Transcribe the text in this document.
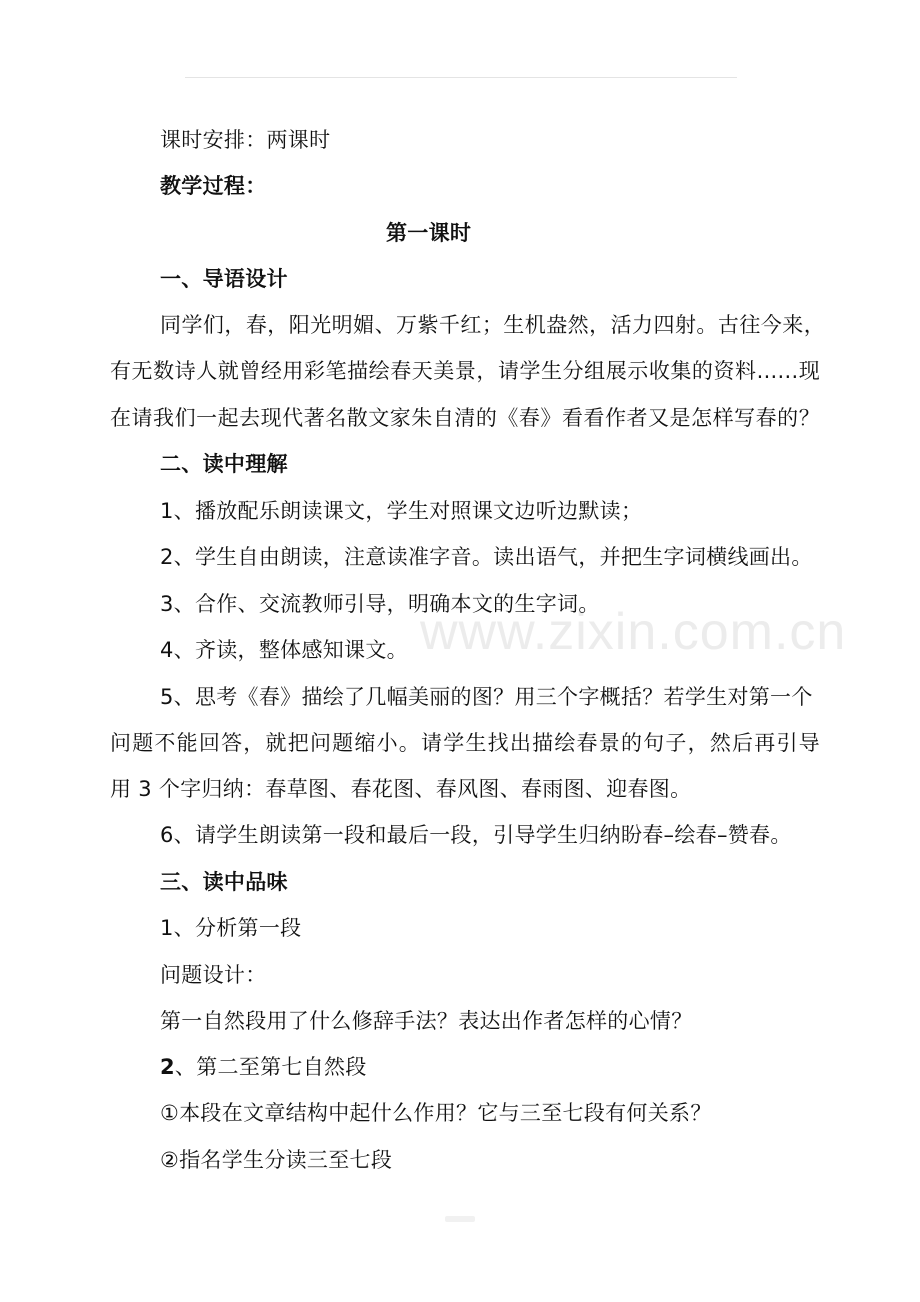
www.zixin.com.cn
课时安排：两课时
教学过程：
第一课时
一、导语设计
同学们，春，阳光明媚、万紫千红；生机盎然，活力四射。古往今来，
有无数诗人就曾经用彩笔描绘春天美景，请学生分组展示收集的资料......现
在请我们一起去现代著名散文家朱自清的《春》看看作者又是怎样写春的？
二、读中理解
1、播放配乐朗读课文，学生对照课文边听边默读；
2、学生自由朗读，注意读准字音。读出语气，并把生字词横线画出。
3、合作、交流教师引导，明确本文的生字词。
4、齐读，整体感知课文。
5、思考《春》描绘了几幅美丽的图？用三个字概括？若学生对第一个
问题不能回答，就把问题缩小。请学生找出描绘春景的句子，然后再引导
用 3 个字归纳：春草图、春花图、春风图、春雨图、迎春图。
6、请学生朗读第一段和最后一段，引导学生归纳盼春–绘春–赞春。
三、读中品味
1、分析第一段
问题设计：
第一自然段用了什么修辞手法？表达出作者怎样的心情？
2、第二至第七自然段
①本段在文章结构中起什么作用？它与三至七段有何关系？
②指名学生分读三至七段
